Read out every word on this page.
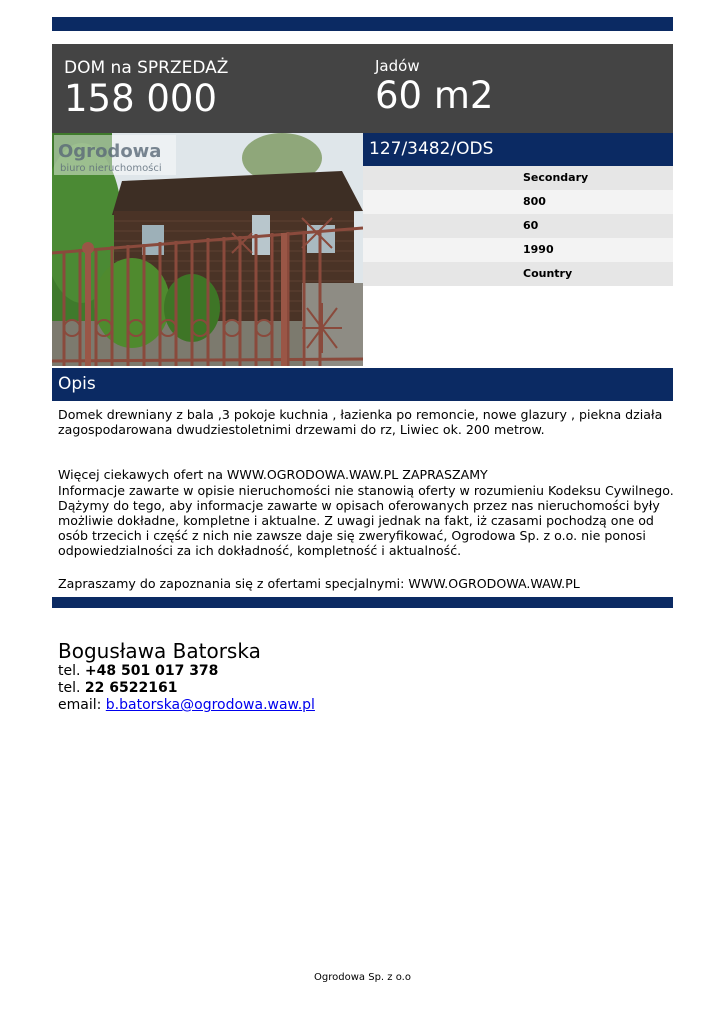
DOM na SPRZEDAŻ
158 000
Jadów
60 m2
Ogrodowa
biuro nieruchomości
127/3482/ODS
Secondary
800
60
1990
Country
Opis

Domek drewniany z bala ,3 pokoje kuchnia , łazienka po remoncie, nowe glazury , piekna działa

zagospodarowana dwudziestoletnimi drzewami do rz, Liwiec ok. 200 metrow.

Więcej ciekawych ofert na WWW.OGRODOWA.WAW.PL ZAPRASZAMY

Informacje zawarte w opisie nieruchomości nie stanowią oferty w rozumieniu Kodeksu Cywilnego.

Dążymy do tego, aby informacje zawarte w opisach oferowanych przez nas nieruchomości były

możliwie dokładne, kompletne i aktualne. Z uwagi jednak na fakt, iż czasami pochodzą one od

osób trzecich i część z nich nie zawsze daje się zweryfikować, Ogrodowa Sp. z o.o. nie ponosi

odpowiedzialności za ich dokładność, kompletność i aktualność.

Zapraszamy do zapoznania się z ofertami specjalnymi: WWW.OGRODOWA.WAW.PL

Bogusława Batorska
tel. +48 501 017 378
tel. 22 6522161
email: b.batorska@ogrodowa.waw.pl
Ogrodowa Sp. z o.o
